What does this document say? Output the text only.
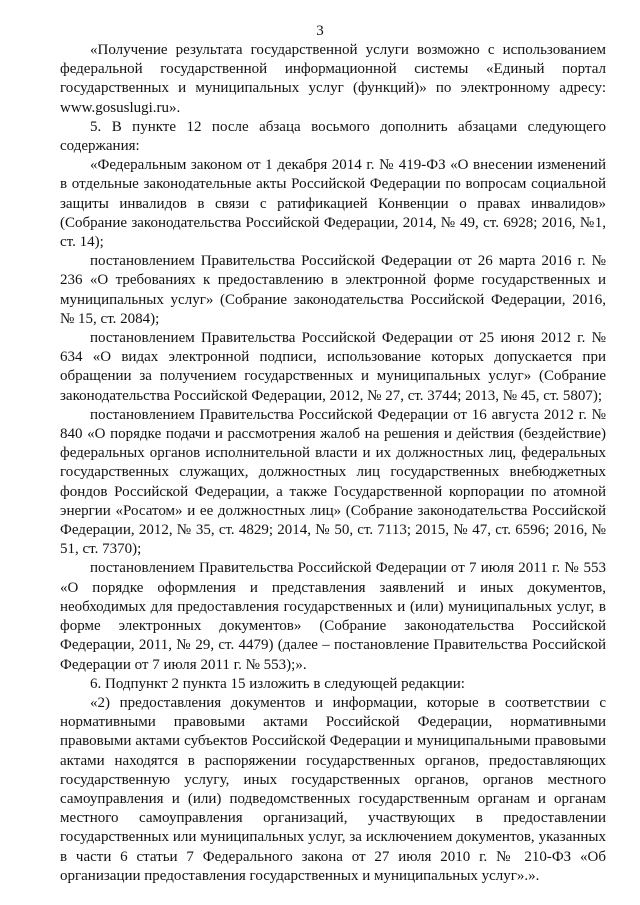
3

«Получение результата государственной услуги возможно с использованием федеральной государственной информационной системы «Единый портал государственных и муниципальных услуг (функций)» по электронному адресу: www.gosuslugi.ru».

5. В пункте 12 после абзаца восьмого дополнить абзацами следующего содержания:

«Федеральным законом от 1 декабря 2014 г. № 419-ФЗ «О внесении изменений в отдельные законодательные акты Российской Федерации по вопросам социальной защиты инвалидов в связи с ратификацией Конвенции о правах инвалидов» (Собрание законодательства Российской Федерации, 2014, № 49, ст. 6928; 2016, №1, ст. 14);

постановлением Правительства Российской Федерации от 26 марта 2016 г. № 236 «О требованиях к предоставлению в электронной форме государственных и муниципальных услуг» (Собрание законодательства Российской Федерации, 2016, № 15, ст. 2084);

постановлением Правительства Российской Федерации от 25 июня 2012 г. № 634 «О видах электронной подписи, использование которых допускается при обращении за получением государственных и муниципальных услуг» (Собрание законодательства Российской Федерации, 2012, № 27, ст. 3744; 2013, № 45, ст. 5807);

постановлением Правительства Российской Федерации от 16 августа 2012 г. № 840 «О порядке подачи и рассмотрения жалоб на решения и действия (бездействие) федеральных органов исполнительной власти и их должностных лиц, федеральных государственных служащих, должностных лиц государственных внебюджетных фондов Российской Федерации, а также Государственной корпорации по атомной энергии «Росатом» и ее должностных лиц» (Собрание законодательства Российской Федерации, 2012, № 35, ст. 4829; 2014, № 50, ст. 7113; 2015, № 47, ст. 6596; 2016, № 51, ст. 7370);

постановлением Правительства Российской Федерации от 7 июля 2011 г. № 553 «О порядке оформления и представления заявлений и иных документов, необходимых для предоставления государственных и (или) муниципальных услуг, в форме электронных документов» (Собрание законодательства Российской Федерации, 2011, № 29, ст. 4479) (далее – постановление Правительства Российской Федерации от 7 июля 2011 г. № 553);».

6. Подпункт 2 пункта 15 изложить в следующей редакции:

«2) предоставления документов и информации, которые в соответствии с нормативными правовыми актами Российской Федерации, нормативными правовыми актами субъектов Российской Федерации и муниципальными правовыми актами находятся в распоряжении государственных органов, предоставляющих государственную услугу, иных государственных органов, органов местного самоуправления и (или) подведомственных государственным органам и органам местного самоуправления организаций, участвующих в предоставлении государственных или муниципальных услуг, за исключением документов, указанных в части 6 статьи 7 Федерального закона от 27 июля 2010 г. № 210-ФЗ «Об организации предоставления государственных и муниципальных услуг».».
